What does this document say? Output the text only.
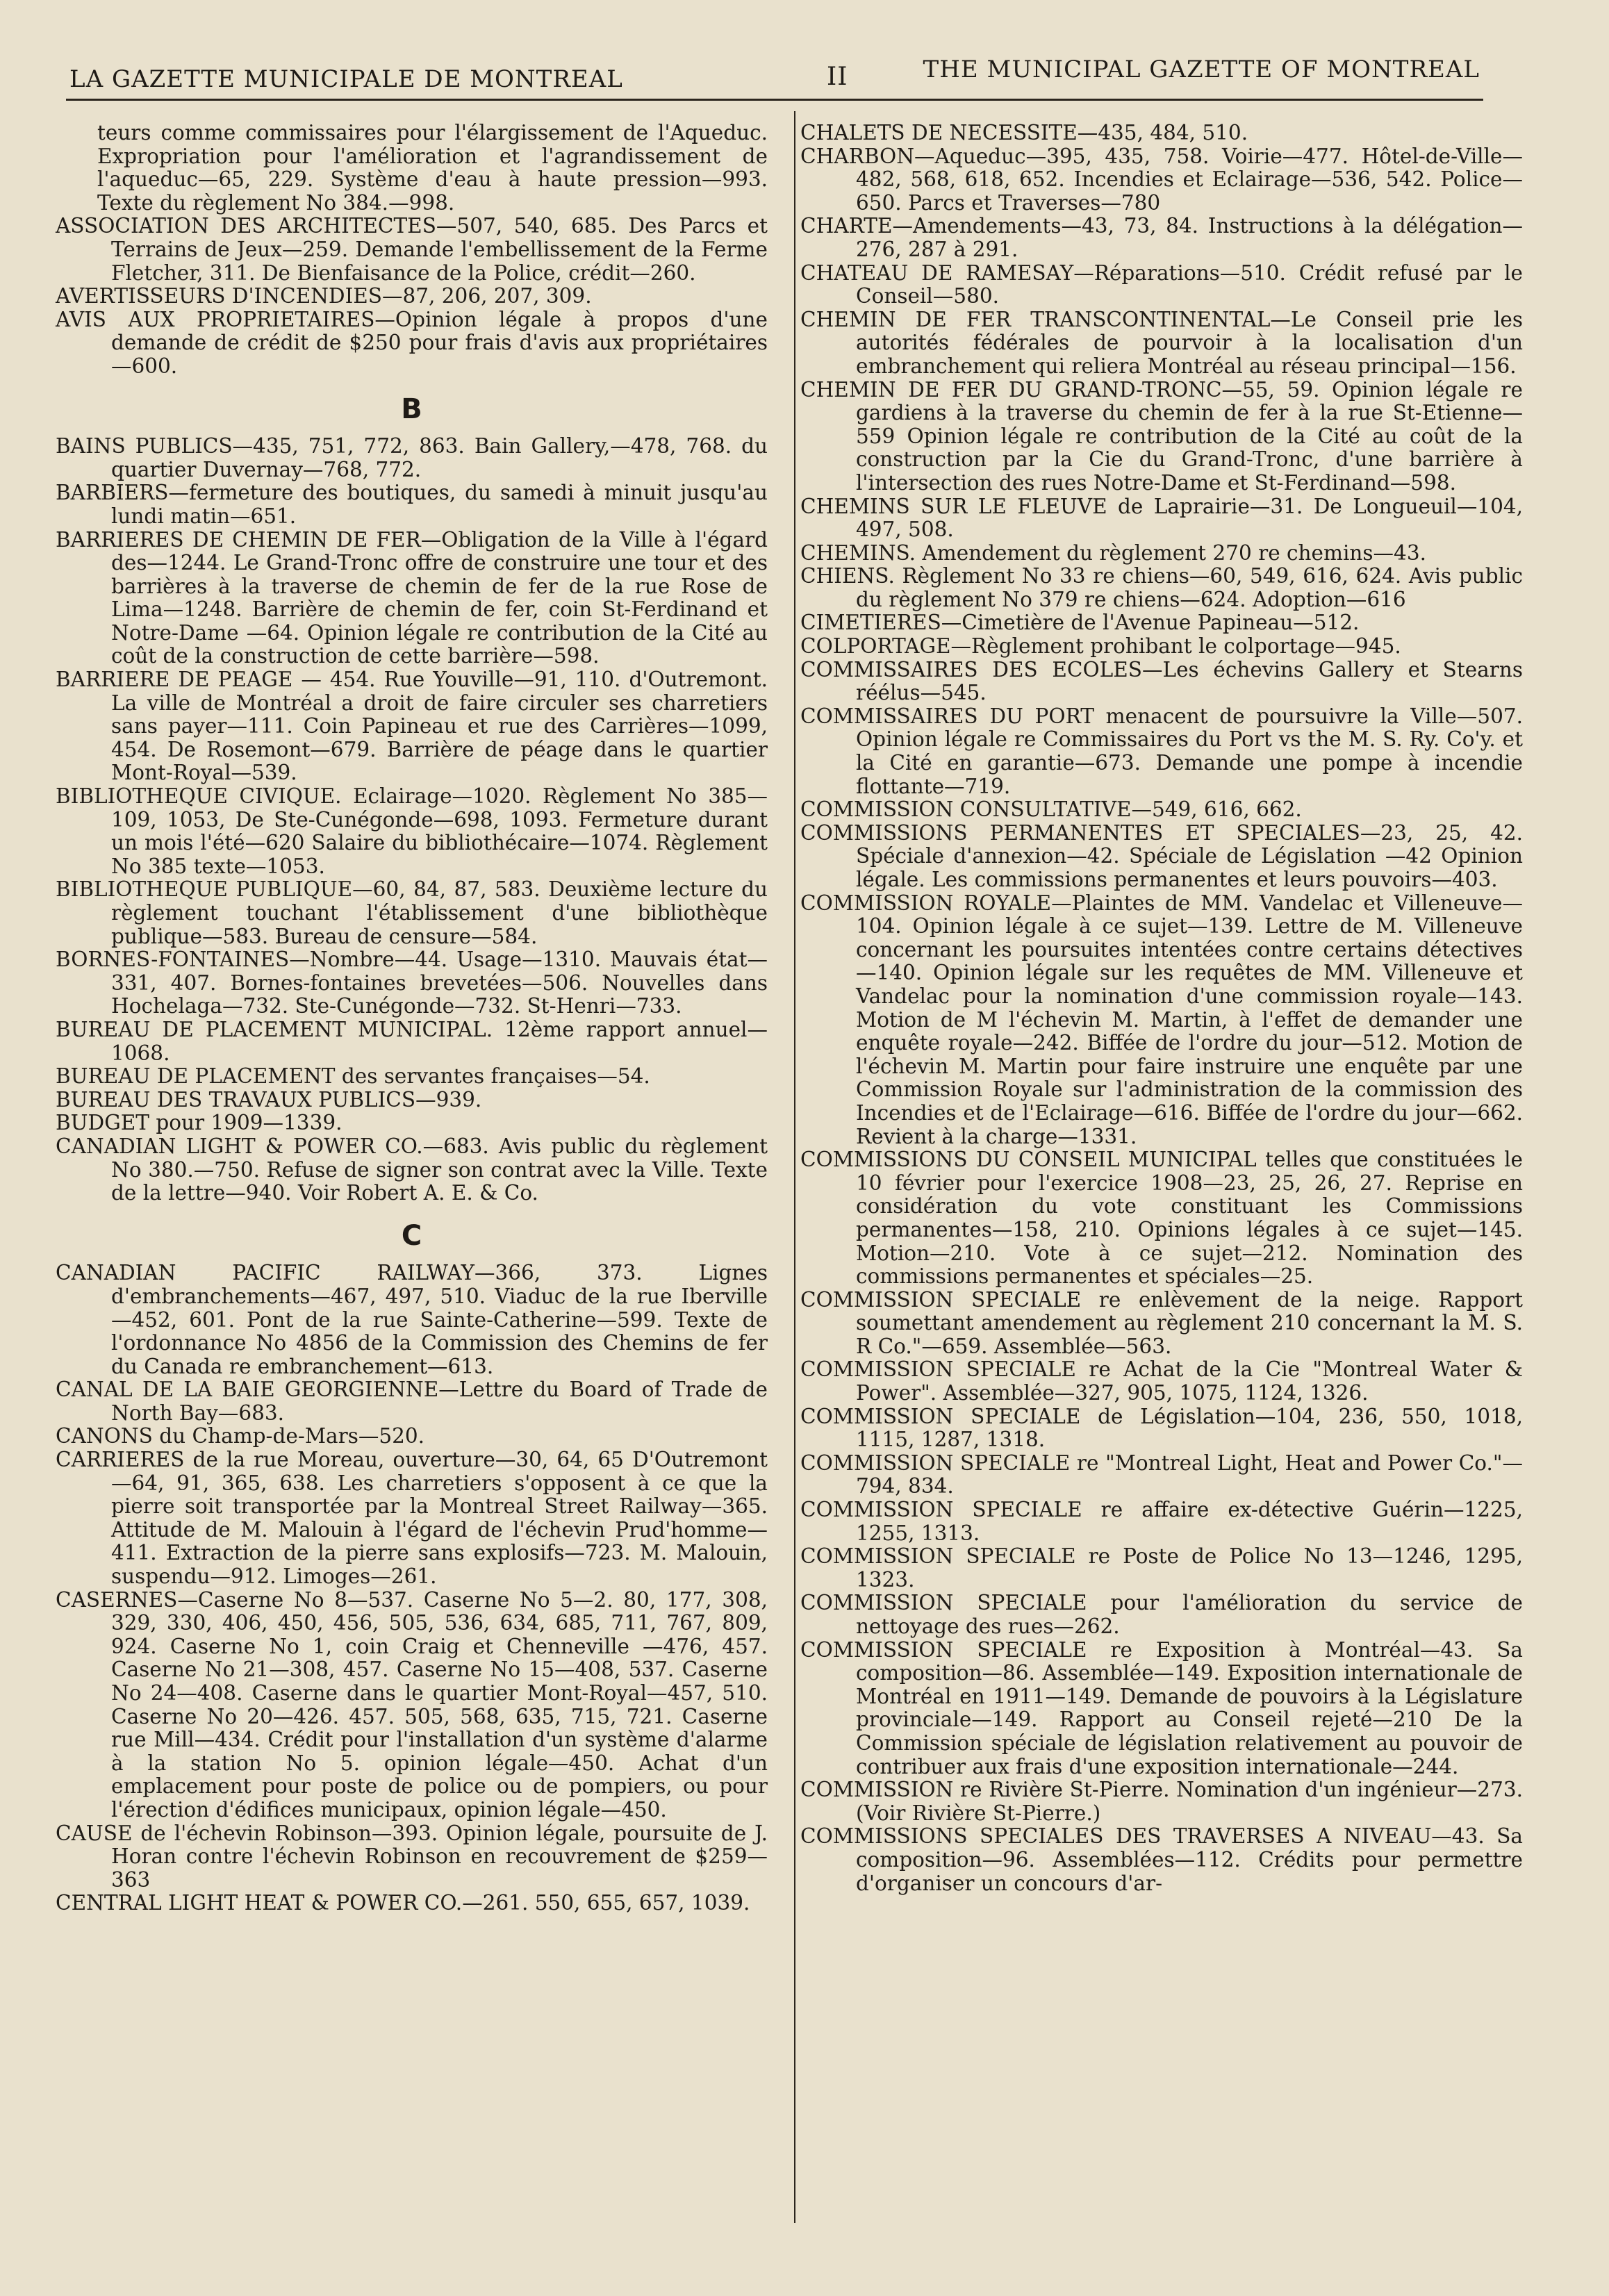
LA GAZETTE MUNICIPALE DE MONTREAL	II	THE MUNICIPAL GAZETTE OF MONTREAL

teurs comme commissaires pour l'élargissement de l'Aqueduc. Expropriation pour l'amélioration et l'agrandissement de l'aqueduc—65, 229. Système d'eau à haute pression—993. Texte du règlement No 384.—998.

ASSOCIATION DES ARCHITECTES—507, 540, 685. Des Parcs et Terrains de Jeux—259. Demande l'embellissement de la Ferme Fletcher, 311. De Bienfaisance de la Police, crédit—260.

AVERTISSEURS D'INCENDIES—87, 206, 207, 309.

AVIS AUX PROPRIETAIRES—Opinion légale à propos d'une demande de crédit de $250 pour frais d'avis aux propriétaires—600.

B

BAINS PUBLICS—435, 751, 772, 863. Bain Gallery,—478, 768. du quartier Duvernay—768, 772.

BARBIERS—fermeture des boutiques, du samedi à minuit jusqu'au lundi matin—651.

BARRIERES DE CHEMIN DE FER—Obligation de la Ville à l'égard des—1244. Le Grand-Tronc offre de construire une tour et des barrières à la traverse de chemin de fer de la rue Rose de Lima—1248. Barrière de chemin de fer, coin St-Ferdinand et Notre-Dame —64. Opinion légale re contribution de la Cité au coût de la construction de cette barrière—598.

BARRIERE DE PEAGE — 454. Rue Youville—91, 110. d'Outremont. La ville de Montréal a droit de faire circuler ses charretiers sans payer—111. Coin Papineau et rue des Carrières—1099, 454. De Rosemont—679. Barrière de péage dans le quartier Mont-Royal—539.

BIBLIOTHEQUE CIVIQUE. Eclairage—1020. Règlement No 385—109, 1053, De Ste-Cunégonde—698, 1093. Fermeture durant un mois l'été—620 Salaire du bibliothécaire—1074. Règlement No 385 texte—1053.

BIBLIOTHEQUE PUBLIQUE—60, 84, 87, 583. Deuxième lecture du règlement touchant l'établissement d'une bibliothèque publique—583. Bureau de censure—584.

BORNES-FONTAINES—Nombre—44. Usage—1310. Mauvais état—331, 407. Bornes-fontaines brevetées—506. Nouvelles dans Hochelaga—732. Ste-Cunégonde—732. St-Henri—733.

BUREAU DE PLACEMENT MUNICIPAL. 12ème rapport annuel—1068.

BUREAU DE PLACEMENT des servantes françaises—54.

BUREAU DES TRAVAUX PUBLICS—939.

BUDGET pour 1909—1339.

CANADIAN LIGHT & POWER CO.—683. Avis public du règlement No 380.—750. Refuse de signer son contrat avec la Ville. Texte de la lettre—940. Voir Robert A. E. & Co.

C

CANADIAN PACIFIC RAILWAY—366, 373. Lignes d'embranchements—467, 497, 510. Viaduc de la rue Iberville—452, 601. Pont de la rue Sainte-Catherine—599. Texte de l'ordonnance No 4856 de la Commission des Chemins de fer du Canada re embranchement—613.

CANAL DE LA BAIE GEORGIENNE—Lettre du Board of Trade de North Bay—683.

CANONS du Champ-de-Mars—520.

CARRIERES de la rue Moreau, ouverture—30, 64, 65 D'Outremont—64, 91, 365, 638. Les charretiers s'opposent à ce que la pierre soit transportée par la Montreal Street Railway—365. Attitude de M. Malouin à l'égard de l'échevin Prud'homme—411. Extraction de la pierre sans explosifs—723. M. Malouin, suspendu—912. Limoges—261.

CASERNES—Caserne No 8—537. Caserne No 5—2. 80, 177, 308, 329, 330, 406, 450, 456, 505, 536, 634, 685, 711, 767, 809, 924. Caserne No 1, coin Craig et Chenneville —476, 457. Caserne No 21—308, 457. Caserne No 15—408, 537. Caserne No 24—408. Caserne dans le quartier Mont-Royal—457, 510. Caserne No 20—426. 457. 505, 568, 635, 715, 721. Caserne rue Mill—434. Crédit pour l'installation d'un système d'alarme à la station No 5. opinion légale—450. Achat d'un emplacement pour poste de police ou de pompiers, ou pour l'érection d'édifices municipaux, opinion légale—450.

CAUSE de l'échevin Robinson—393. Opinion légale, poursuite de J. Horan contre l'échevin Robinson en recouvrement de $259—363

CENTRAL LIGHT HEAT & POWER CO.—261. 550, 655, 657, 1039.

CHALETS DE NECESSITE—435, 484, 510.

CHARBON—Aqueduc—395, 435, 758. Voirie—477. Hôtel-de-Ville—482, 568, 618, 652. Incendies et Eclairage—536, 542. Police—650. Parcs et Traverses—780

CHARTE—Amendements—43, 73, 84. Instructions à la délégation—276, 287 à 291.

CHATEAU DE RAMESAY—Réparations—510. Crédit refusé par le Conseil—580.

CHEMIN DE FER TRANSCONTINENTAL—Le Conseil prie les autorités fédérales de pourvoir à la localisation d'un embranchement qui reliera Montréal au réseau principal—156.

CHEMIN DE FER DU GRAND-TRONC—55, 59. Opinion légale re gardiens à la traverse du chemin de fer à la rue St-Etienne—559 Opinion légale re contribution de la Cité au coût de la construction par la Cie du Grand-Tronc, d'une barrière à l'intersection des rues Notre-Dame et St-Ferdinand—598.

CHEMINS SUR LE FLEUVE de Laprairie—31. De Longueuil—104, 497, 508.

CHEMINS. Amendement du règlement 270 re chemins—43.

CHIENS. Règlement No 33 re chiens—60, 549, 616, 624. Avis public du règlement No 379 re chiens—624. Adoption—616

CIMETIERES—Cimetière de l'Avenue Papineau—512.

COLPORTAGE—Règlement prohibant le colportage—945.

COMMISSAIRES DES ECOLES—Les échevins Gallery et Stearns réélus—545.

COMMISSAIRES DU PORT menacent de poursuivre la Ville—507. Opinion légale re Commissaires du Port vs the M. S. Ry. Co'y. et la Cité en garantie—673. Demande une pompe à incendie flottante—719.

COMMISSION CONSULTATIVE—549, 616, 662.

COMMISSIONS PERMANENTES ET SPECIALES—23, 25, 42. Spéciale d'annexion—42. Spéciale de Législation —42 Opinion légale. Les commissions permanentes et leurs pouvoirs—403.

COMMISSION ROYALE—Plaintes de MM. Vandelac et Villeneuve—104. Opinion légale à ce sujet—139. Lettre de M. Villeneuve concernant les poursuites intentées contre certains détectives—140. Opinion légale sur les requêtes de MM. Villeneuve et Vandelac pour la nomination d'une commission royale—143. Motion de M l'échevin M. Martin, à l'effet de demander une enquête royale—242. Biffée de l'ordre du jour—512. Motion de l'échevin M. Martin pour faire instruire une enquête par une Commission Royale sur l'administration de la commission des Incendies et de l'Eclairage—616. Biffée de l'ordre du jour—662. Revient à la charge—1331.

COMMISSIONS DU CONSEIL MUNICIPAL telles que constituées le 10 février pour l'exercice 1908—23, 25, 26, 27. Reprise en considération du vote constituant les Commissions permanentes—158, 210. Opinions légales à ce sujet—145. Motion—210. Vote à ce sujet—212. Nomination des commissions permanentes et spéciales—25.

COMMISSION SPECIALE re enlèvement de la neige. Rapport soumettant amendement au règlement 210 concernant la M. S. R Co."—659. Assemblée—563.

COMMISSION SPECIALE re Achat de la Cie "Montreal Water & Power". Assemblée—327, 905, 1075, 1124, 1326.

COMMISSION SPECIALE de Législation—104, 236, 550, 1018, 1115, 1287, 1318.

COMMISSION SPECIALE re "Montreal Light, Heat and Power Co."—794, 834.

COMMISSION SPECIALE re affaire ex-détective Guérin—1225, 1255, 1313.

COMMISSION SPECIALE re Poste de Police No 13—1246, 1295, 1323.

COMMISSION SPECIALE pour l'amélioration du service de nettoyage des rues—262.

COMMISSION SPECIALE re Exposition à Montréal—43. Sa composition—86. Assemblée—149. Exposition internationale de Montréal en 1911—149. Demande de pouvoirs à la Législature provinciale—149. Rapport au Conseil rejeté—210 De la Commission spéciale de législation relativement au pouvoir de contribuer aux frais d'une exposition internationale—244.

COMMISSION re Rivière St-Pierre. Nomination d'un ingénieur—273. (Voir Rivière St-Pierre.)

COMMISSIONS SPECIALES DES TRAVERSES A NIVEAU—43. Sa composition—96. Assemblées—112. Crédits pour permettre d'organiser un concours d'ar-
